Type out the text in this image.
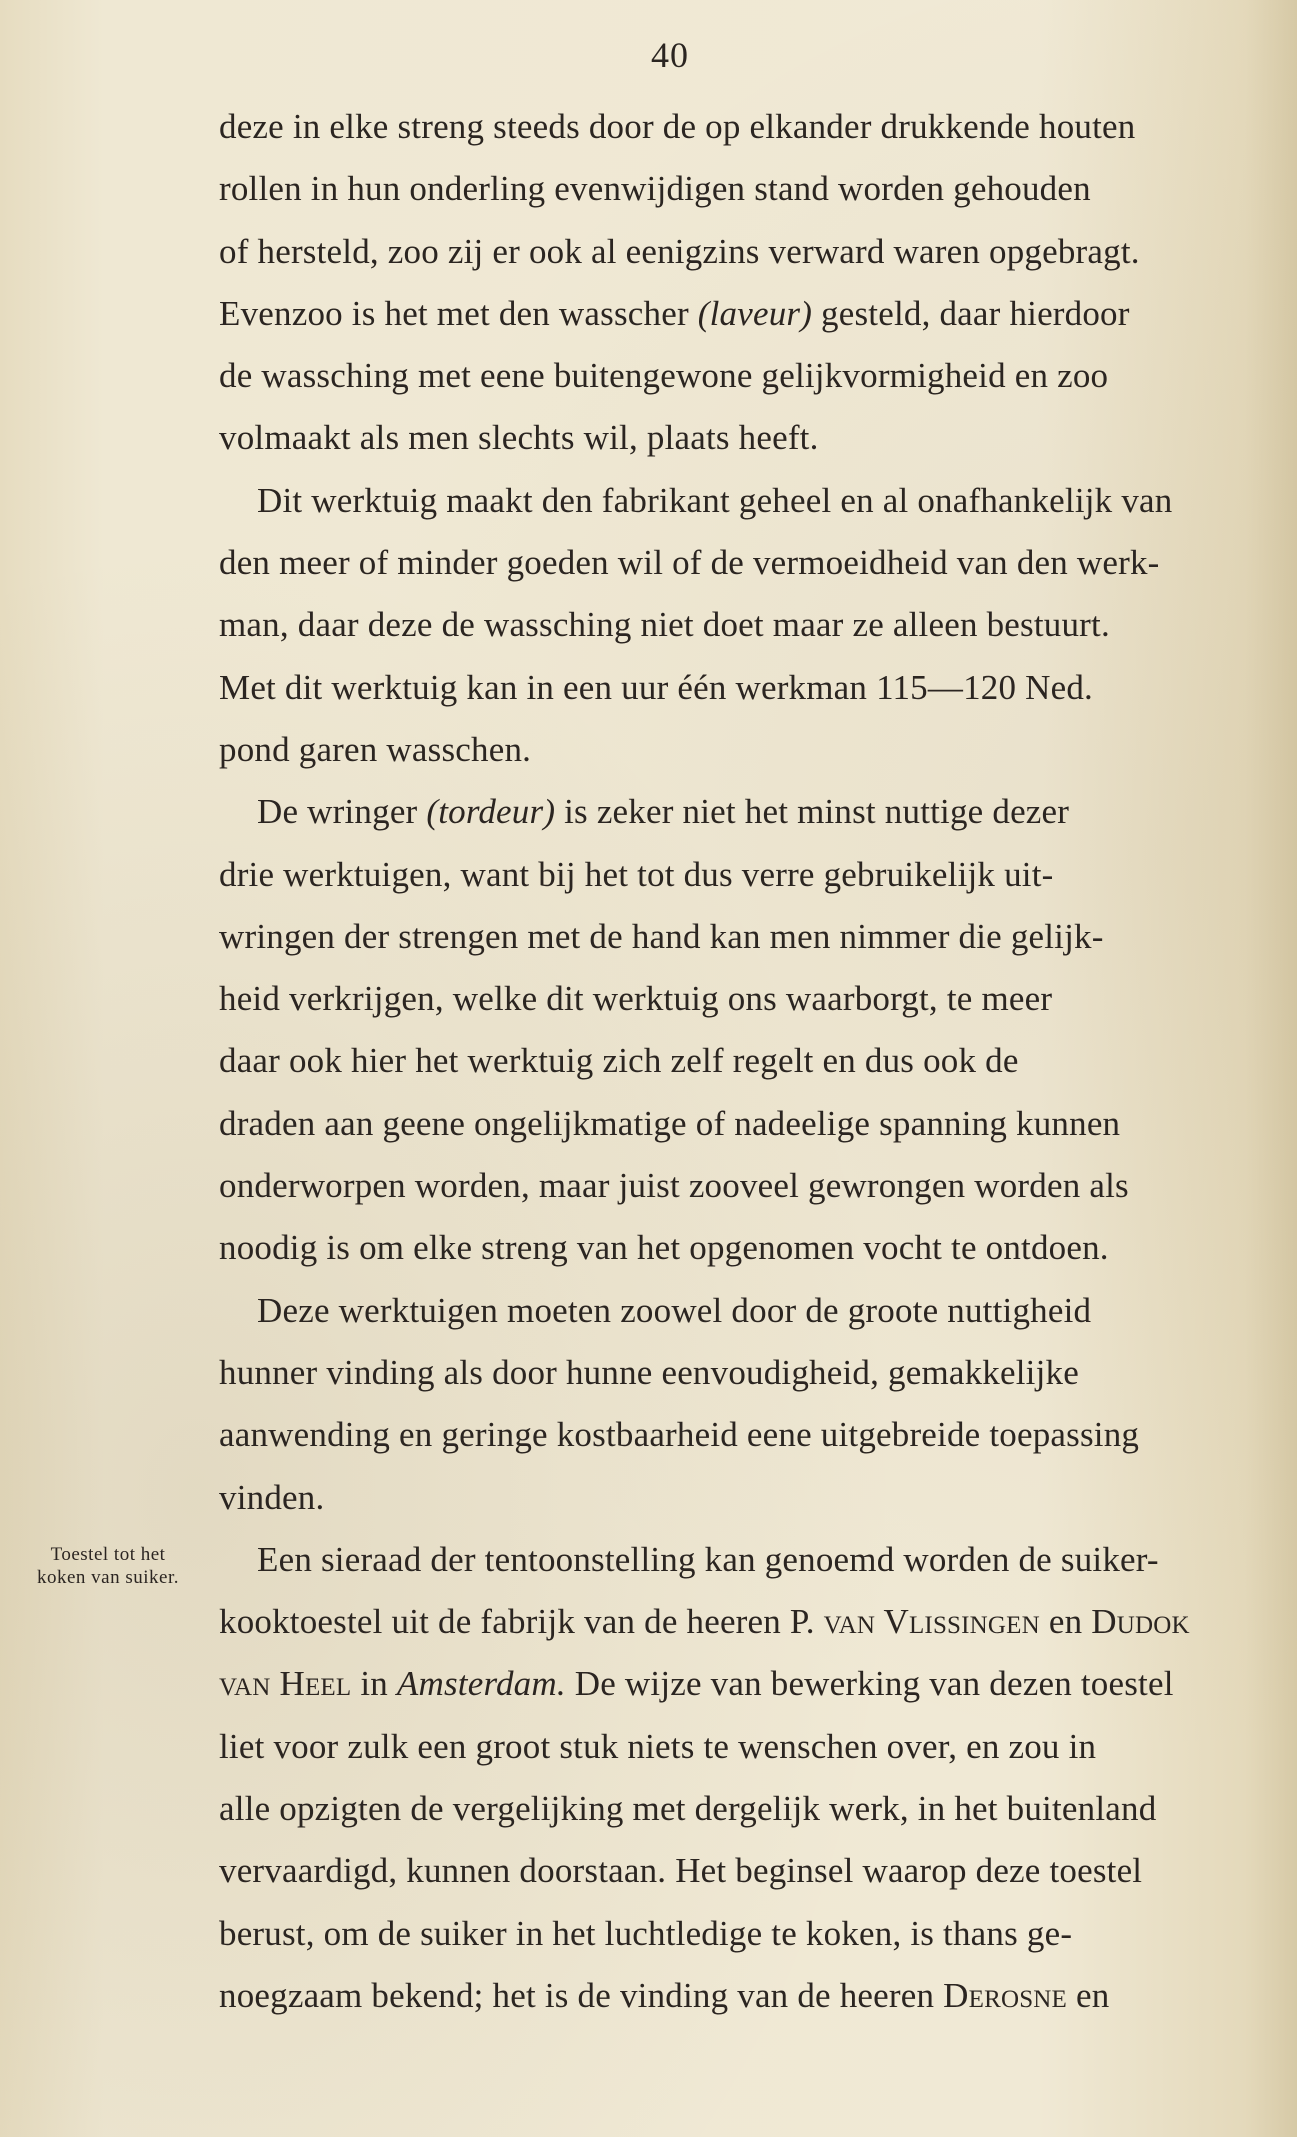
40
Toestel tot het
koken van suiker.
deze in elke streng steeds door de op elkander drukkende houten
rollen in hun onderling evenwijdigen stand worden gehouden
of hersteld, zoo zij er ook al eenigzins verward waren opgebragt.
Evenzoo is het met den wasscher (laveur) gesteld, daar hierdoor
de wassching met eene buitengewone gelijkvormigheid en zoo
volmaakt als men slechts wil, plaats heeft.
Dit werktuig maakt den fabrikant geheel en al onafhankelijk van
den meer of minder goeden wil of de vermoeidheid van den werk-
man, daar deze de wassching niet doet maar ze alleen bestuurt.
Met dit werktuig kan in een uur één werkman 115—120 Ned.
pond garen wasschen.
De wringer (tordeur) is zeker niet het minst nuttige dezer
drie werktuigen, want bij het tot dus verre gebruikelijk uit-
wringen der strengen met de hand kan men nimmer die gelijk-
heid verkrijgen, welke dit werktuig ons waarborgt, te meer
daar ook hier het werktuig zich zelf regelt en dus ook de
draden aan geene ongelijkmatige of nadeelige spanning kunnen
onderworpen worden, maar juist zooveel gewrongen worden als
noodig is om elke streng van het opgenomen vocht te ontdoen.
Deze werktuigen moeten zoowel door de groote nuttigheid
hunner vinding als door hunne eenvoudigheid, gemakkelijke
aanwending en geringe kostbaarheid eene uitgebreide toepassing
vinden.
Een sieraad der tentoonstelling kan genoemd worden de suiker-
kooktoestel uit de fabrijk van de heeren P. van Vlissingen en Dudok
van Heel in Amsterdam. De wijze van bewerking van dezen toestel
liet voor zulk een groot stuk niets te wenschen over, en zou in
alle opzigten de vergelijking met dergelijk werk, in het buitenland
vervaardigd, kunnen doorstaan. Het beginsel waarop deze toestel
berust, om de suiker in het luchtledige te koken, is thans ge-
noegzaam bekend; het is de vinding van de heeren Derosne en
